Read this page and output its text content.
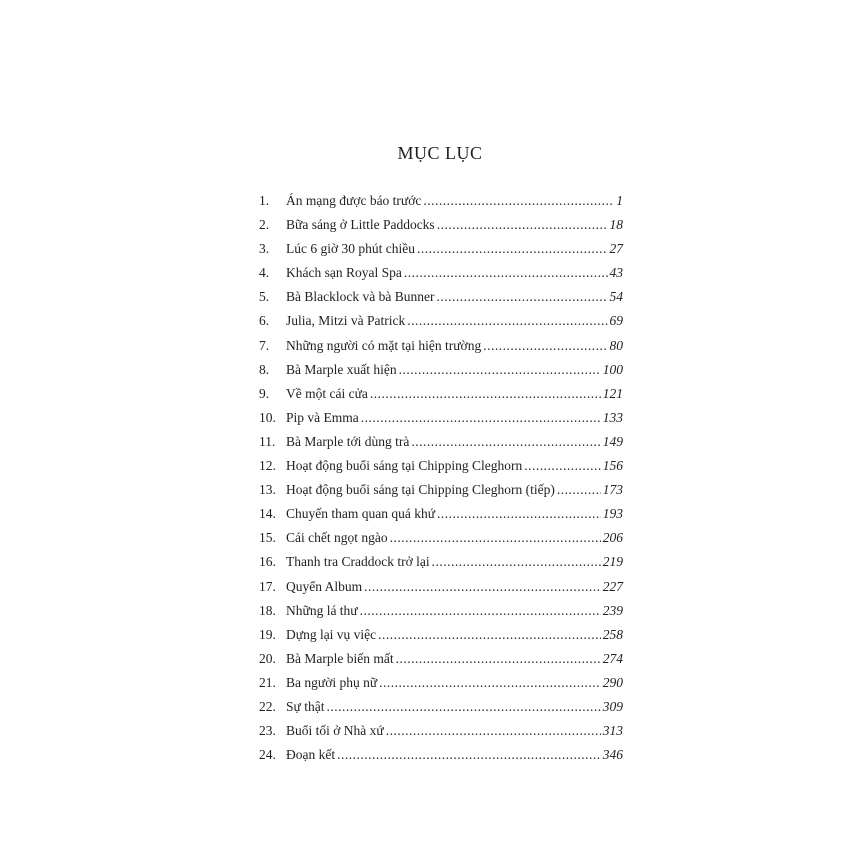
MỤC LỤC
1.	Án mạng được báo trước .....	1
2.	Bữa sáng ở Little Paddocks .....	18
3.	Lúc 6 giờ 30 phút chiều .....	27
4.	Khách sạn Royal Spa .....	43
5.	Bà Blacklock và bà Bunner .....	54
6.	Julia, Mitzi và Patrick .....	69
7.	Những người có mặt tại hiện trường .....	80
8.	Bà Marple xuất hiện .....	100
9.	Về một cái cửa .....	121
10. Pip và Emma .....	133
11. Bà Marple tới dùng trà .....	149
12. Hoạt động buổi sáng tại Chipping Cleghorn .....	156
13. Hoạt động buổi sáng tại Chipping Cleghorn (tiếp) .....	173
14. Chuyến tham quan quá khứ .....	193
15. Cái chết ngọt ngào .....	206
16. Thanh tra Craddock trở lại .....	219
17. Quyển Album .....	227
18. Những lá thư .....	239
19. Dựng lại vụ việc .....	258
20. Bà Marple biến mất .....	274
21. Ba người phụ nữ .....	290
22. Sự thật .....	309
23. Buổi tối ở Nhà xứ .....	313
24. Đoạn kết .....	346
